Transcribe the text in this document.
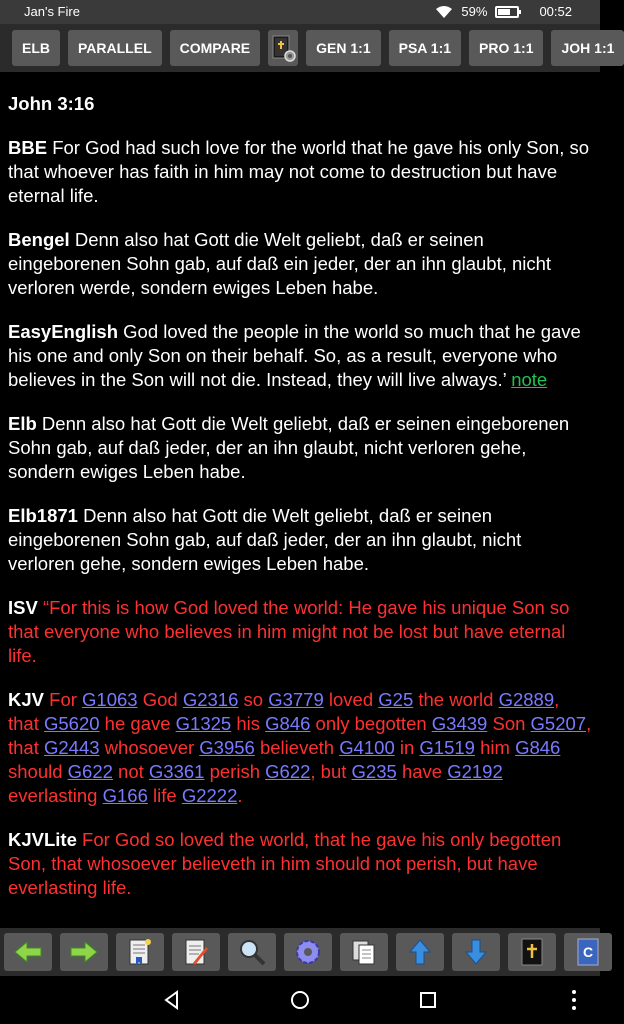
Jan's Fire	59%	00:52
ELB	PARALLEL	COMPARE	GEN 1:1	PSA 1:1	PRO 1:1	JOH 1:1
John 3:16
BBE For God had such love for the world that he gave his only Son, so that whoever has faith in him may not come to destruction but have eternal life.
Bengel Denn also hat Gott die Welt geliebt, daß er seinen eingeborenen Sohn gab, auf daß ein jeder, der an ihn glaubt, nicht verloren werde, sondern ewiges Leben habe.
EasyEnglish God loved the people in the world so much that he gave his one and only Son on their behalf. So, as a result, everyone who believes in the Son will not die. Instead, they will live always.’ note
Elb Denn also hat Gott die Welt geliebt, daß er seinen eingeborenen Sohn gab, auf daß jeder, der an ihn glaubt, nicht verloren gehe, sondern ewiges Leben habe.
Elb1871 Denn also hat Gott die Welt geliebt, daß er seinen eingeborenen Sohn gab, auf daß jeder, der an ihn glaubt, nicht verloren gehe, sondern ewiges Leben habe.
ISV “For this is how God loved the world: He gave his unique Son so that everyone who believes in him might not be lost but have eternal life.
KJV For G1063 God G2316 so G3779 loved G25 the world G2889, that G5620 he gave G1325 his G846 only begotten G3439 Son G5207, that G2443 whosoever G3956 believeth G4100 in G1519 him G846 should G622 not G3361 perish G622, but G235 have G2192 everlasting G166 life G2222.
KJVLite For God so loved the world, that he gave his only begotten Son, that whosoever believeth in him should not perish, but have everlasting life.
C
